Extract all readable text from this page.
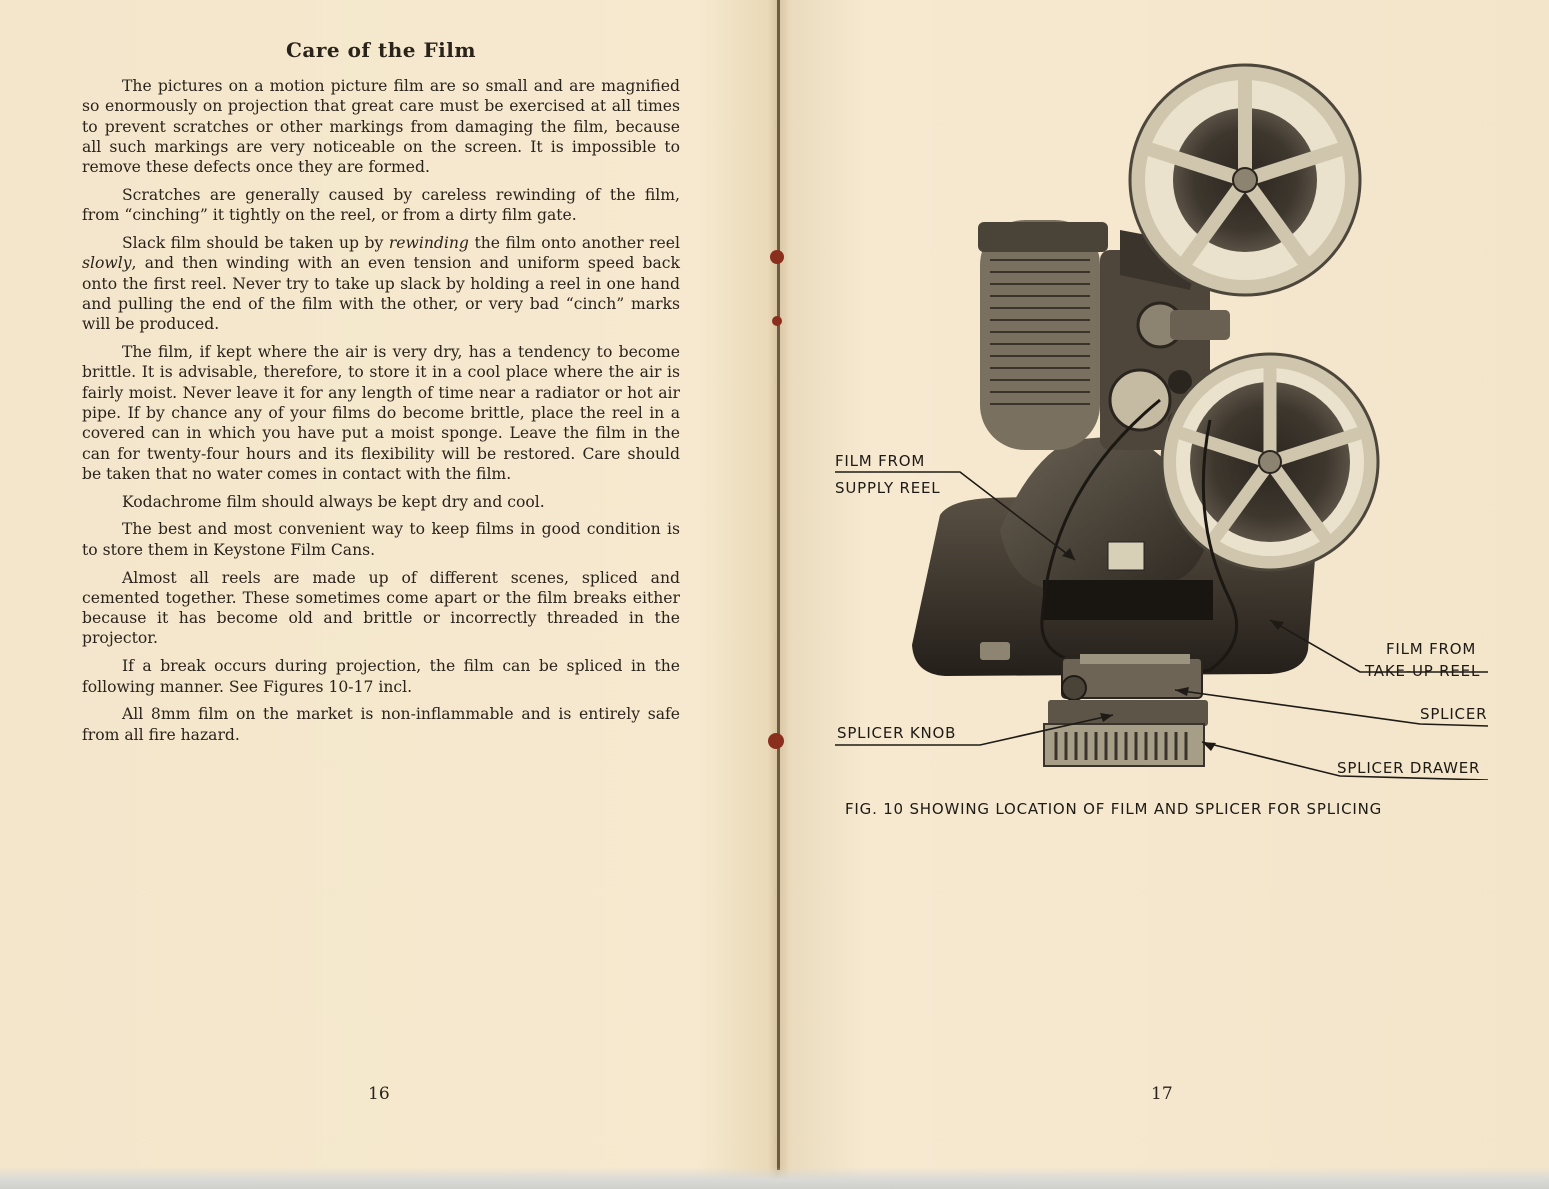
Care of the Film

The pictures on a motion picture film are so small and are magnified so enormously on projection that great care must be exercised at all times to prevent scratches or other markings from damaging the film, because all such markings are very noticeable on the screen. It is impossible to remove these defects once they are formed.

Scratches are generally caused by careless rewinding of the film, from “cinching” it tightly on the reel, or from a dirty film gate.

Slack film should be taken up by rewinding the film onto another reel slowly, and then winding with an even tension and uniform speed back onto the first reel. Never try to take up slack by holding a reel in one hand and pulling the end of the film with the other, or very bad “cinch” marks will be produced.

The film, if kept where the air is very dry, has a tendency to become brittle. It is advisable, therefore, to store it in a cool place where the air is fairly moist. Never leave it for any length of time near a radiator or hot air pipe. If by chance any of your films do become brittle, place the reel in a covered can in which you have put a moist sponge. Leave the film in the can for twenty-four hours and its flexibility will be restored. Care should be taken that no water comes in contact with the film.

Kodachrome film should always be kept dry and cool.

The best and most convenient way to keep films in good condition is to store them in Keystone Film Cans.

Almost all reels are made up of different scenes, spliced and cemented together. These sometimes come apart or the film breaks either because it has become old and brittle or incorrectly threaded in the projector.

If a break occurs during projection, the film can be spliced in the following manner. See Figures 10-17 incl.

All 8mm film on the market is non-inflammable and is entirely safe from all fire hazard.

16
FILM FROM
SUPPLY REEL
FILM FROM
TAKE-UP REEL
SPLICER
SPLICER KNOB
SPLICER DRAWER
FIG. 10 SHOWING LOCATION OF FILM AND SPLICER FOR SPLICING
17
